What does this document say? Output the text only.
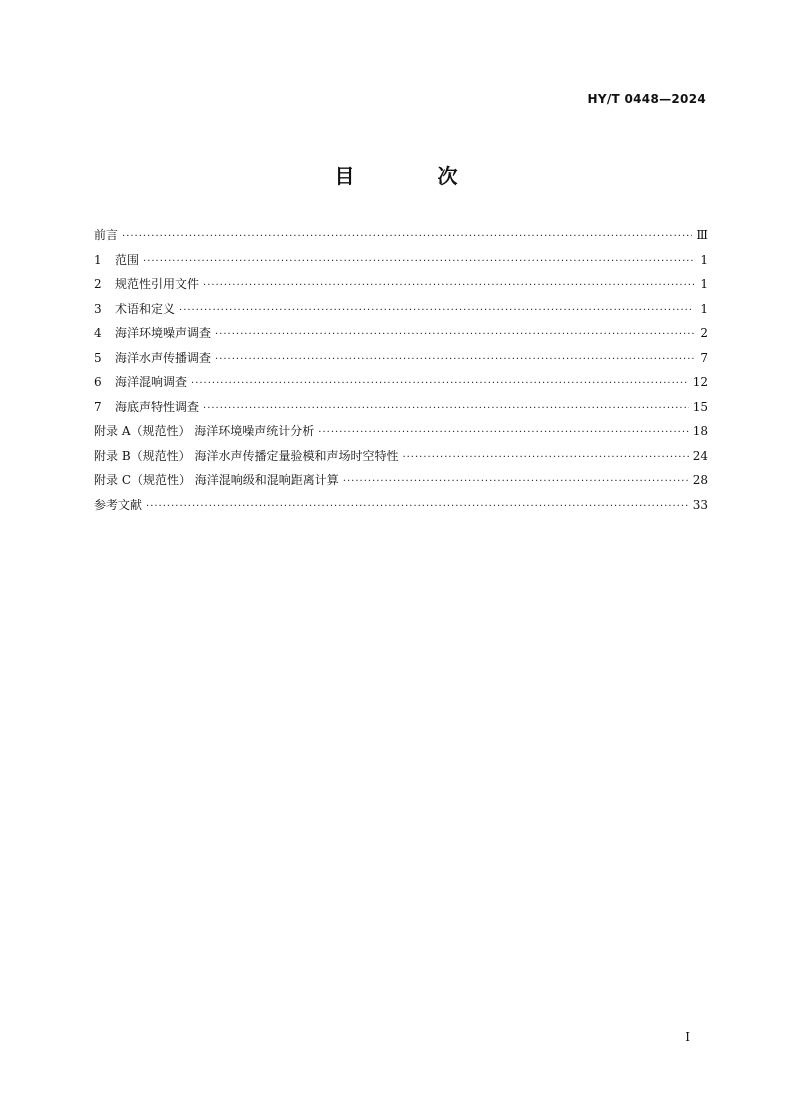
HY/T 0448—2024
目 次
前言 ·····	Ⅲ
1	范围 ·····	1
2	规范性引用文件 ·····	1
3	术语和定义 ·····	1
4	海洋环境噪声调查 ·····	2
5	海洋水声传播调查 ·····	7
6	海洋混响调查 ·····	12
7	海底声特性调查 ·····	15
附录 A（规范性） 海洋环境噪声统计分析 ·····	18
附录 B（规范性） 海洋水声传播定量验模和声场时空特性 ·····	24
附录 C（规范性） 海洋混响级和混响距离计算 ·····	28
参考文献 ·····	33
I
